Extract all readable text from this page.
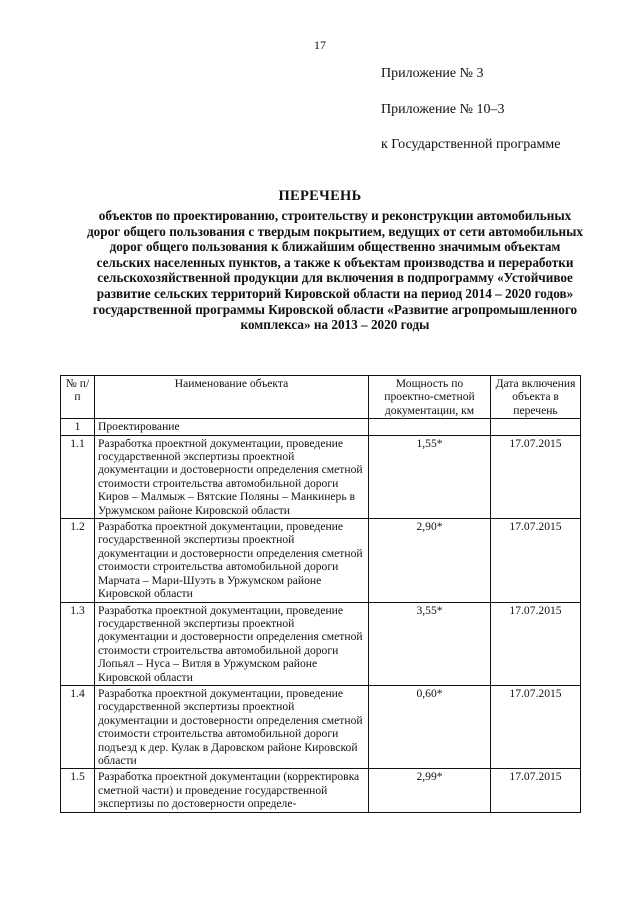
17
Приложение № 3
Приложение № 10–3
к Государственной программе
ПЕРЕЧЕНЬ
объектов по проектированию, строительству и реконструкции автомобильных дорог общего пользования с твердым покрытием, ведущих от сети автомобильных дорог общего пользования к ближайшим общественно значимым объектам сельских населенных пунктов, а также к объектам производства и переработки сельскохозяйственной продукции для включения в подпрограмму «Устойчивое развитие сельских территорий Кировской области на период 2014 – 2020 годов» государственной программы Кировской области «Развитие агропромышленного комплекса» на 2013 – 2020 годы
№ п/п	Наименование объекта	Мощность по проектно-сметной документации, км	Дата включения объекта в перечень
1	Проектирование		
1.1	Разработка проектной документации, проведение государственной экспертизы проектной документации и достоверности определения сметной стоимости строительства автомобильной дороги Киров – Малмыж – Вятские Поляны – Манкинерь в Уржумском районе Кировской области	1,55*	17.07.2015
1.2	Разработка проектной документации, проведение государственной экспертизы проектной документации и достоверности определения сметной стоимости строительства автомобильной дороги Марчата – Мари-Шуэть в Уржумском районе Кировской области	2,90*	17.07.2015
1.3	Разработка проектной документации, проведение государственной экспертизы проектной документации и достоверности определения сметной стоимости строительства автомобильной дороги Лопьял – Нуса – Витля в Уржумском районе Кировской области	3,55*	17.07.2015
1.4	Разработка проектной документации, проведение государственной экспертизы проектной документации и достоверности определения сметной стоимости строительства автомобильной дороги подъезд к дер. Кулак в Даровском районе Кировской области	0,60*	17.07.2015
1.5	Разработка проектной документации (корректировка сметной части) и проведение государственной экспертизы по достоверности определе-	2,99*	17.07.2015
